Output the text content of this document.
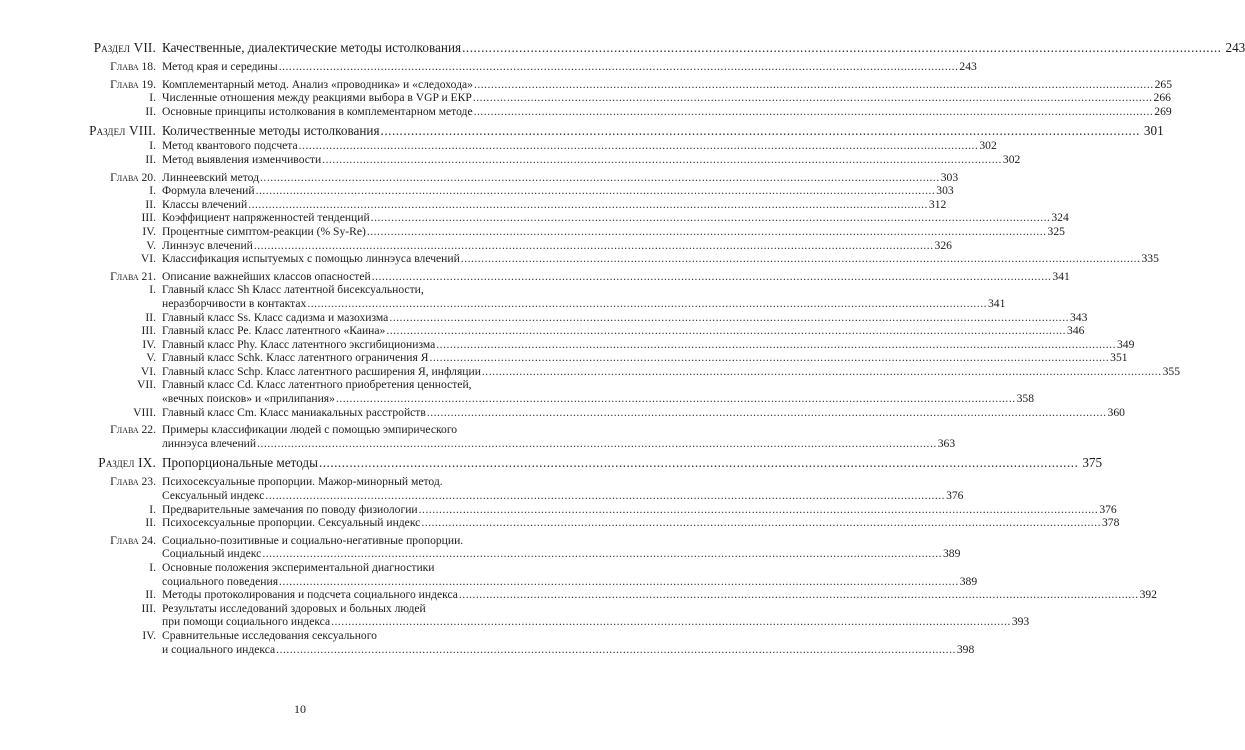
Раздел VII. Качественные, диалектические методы истолкования .....	243
Глава 18. Метод края и середины .....	243
Глава 19. Комплементарный метод. Анализ «проводника» и «следохода» .....	265
I. Численные отношения между реакциями выбора в VGP и ЕКР .....	266
II. Основные принципы истолкования в комплементарном методе .....	269
Раздел VIII. Количественные методы истолкования .....	301
I. Метод квантового подсчета .....	302
II. Метод выявления изменчивости .....	302
Глава 20. Линнеевский метод .....	303
I. Формула влечений .....	303
II. Классы влечений .....	312
III. Коэффициент напряженностей тенденций .....	324
IV. Процентные симптом-реакции (% Sy-Re) .....	325
V. Линнэус влечений .....	326
VI. Классификация испытуемых с помощью линнэуса влечений .....	335
Глава 21. Описание важнейших классов опасностей .....	341
I. Главный класс Sh Класс латентной бисексуальности,
неразборчивости в контактах .....	341
II. Главный класс Ss. Класс садизма и мазохизма .....	343
III. Главный класс Ре. Класс латентного «Каина» .....	346
IV. Главный класс Phy. Класс латентного эксгибиционизма .....	349
V. Главный класс Schk. Класс латентного ограничения Я .....	351
VI. Главный класс Schp. Класс латентного расширения Я, инфляции .....	355
VII. Главный класс Cd. Класс латентного приобретения ценностей,
«вечных поисков» и «прилипания» .....	358
VIII. Главный класс Cm. Класс маниакальных расстройств .....	360
Глава 22. Примеры классификации людей с помощью эмпирического
линнэуса влечений .....	363
Раздел IX. Пропорциональные методы .....	375
Глава 23. Психосексуальные пропорции. Мажор-минорный метод.
Сексуальный индекс .....	376
I. Предварительные замечания по поводу физиологии .....	376
II. Психосексуальные пропорции. Сексуальный индекс .....	378
Глава 24. Социально-позитивные и социально-негативные пропорции.
Социальный индекс .....	389
I. Основные положения экспериментальной диагностики
социального поведения .....	389
II. Методы протоколирования и подсчета социального индекса .....	392
III. Результаты исследований здоровых и больных людей
при помощи социального индекса .....	393
IV. Сравнительные исследования сексуального
и социального индекса .....	398
10
